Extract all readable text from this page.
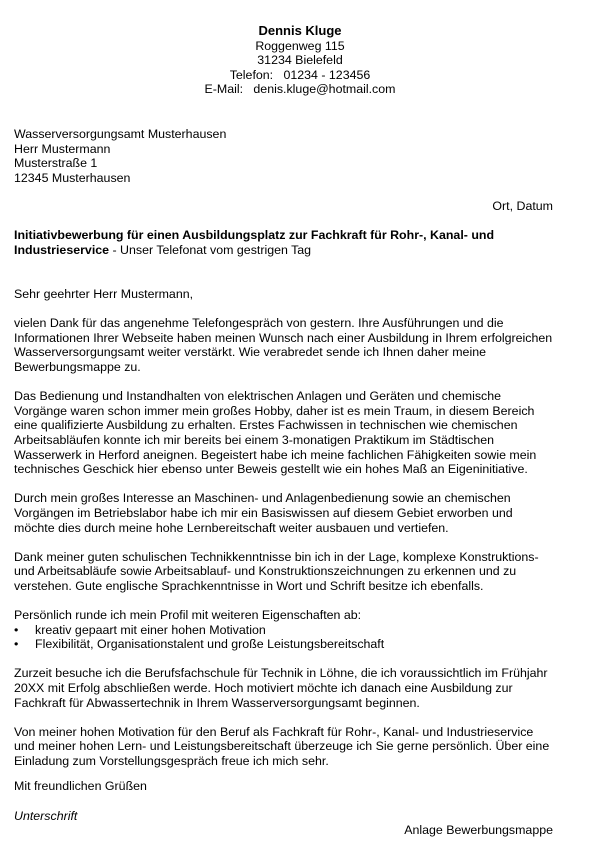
Dennis Kluge
Roggenweg 115
31234 Bielefeld
Telefon:   01234 - 123456
E-Mail:   denis.kluge@hotmail.com
Wasserversorgungsamt Musterhausen
Herr Mustermann
Musterstraße 1
12345 Musterhausen
Ort, Datum
Initiativbewerbung für einen Ausbildungsplatz zur Fachkraft für Rohr-, Kanal- und Industrieservice - Unser Telefonat vom gestrigen Tag

Sehr geehrter Herr Mustermann,

vielen Dank für das angenehme Telefongespräch von gestern. Ihre Ausführungen und die Informationen Ihrer Webseite haben meinen Wunsch nach einer Ausbildung in Ihrem erfolgreichen Wasserversorgungsamt weiter verstärkt. Wie verabredet sende ich Ihnen daher meine Bewerbungsmappe zu.

Das Bedienung und Instandhalten von elektrischen Anlagen und Geräten und chemische Vorgänge waren schon immer mein großes Hobby, daher ist es mein Traum, in diesem Bereich eine qualifizierte Ausbildung zu erhalten. Erstes Fachwissen in technischen wie chemischen Arbeitsabläufen konnte ich mir bereits bei einem 3-monatigen Praktikum im Städtischen Wasserwerk in Herford aneignen. Begeistert habe ich meine fachlichen Fähigkeiten sowie mein technisches Geschick hier ebenso unter Beweis gestellt wie ein hohes Maß an Eigeninitiative.

Durch mein großes Interesse an Maschinen- und Anlagenbedienung sowie an chemischen Vorgängen im Betriebslabor habe ich mir ein Basiswissen auf diesem Gebiet erworben und möchte dies durch meine hohe Lernbereitschaft weiter ausbauen und vertiefen.

Dank meiner guten schulischen Technikkenntnisse bin ich in der Lage, komplexe Konstruktions- und Arbeitsabläufe sowie Arbeitsablauf- und Konstruktionszeichnungen zu erkennen und zu verstehen. Gute englische Sprachkenntnisse in Wort und Schrift besitze ich ebenfalls.

Persönlich runde ich mein Profil mit weiteren Eigenschaften ab:
• kreativ gepaart mit einer hohen Motivation
• Flexibilität, Organisationstalent und große Leistungsbereitschaft

Zurzeit besuche ich die Berufsfachschule für Technik in Löhne, die ich voraussichtlich im Frühjahr 20XX mit Erfolg abschließen werde. Hoch motiviert möchte ich danach eine Ausbildung zur Fachkraft für Abwassertechnik in Ihrem Wasserversorgungsamt beginnen.

Von meiner hohen Motivation für den Beruf als Fachkraft für Rohr-, Kanal- und Industrieservice und meiner hohen Lern- und Leistungsbereitschaft überzeuge ich Sie gerne persönlich. Über eine Einladung zum Vorstellungsgespräch freue ich mich sehr.

Mit freundlichen Grüßen
Unterschrift
Anlage Bewerbungsmappe
